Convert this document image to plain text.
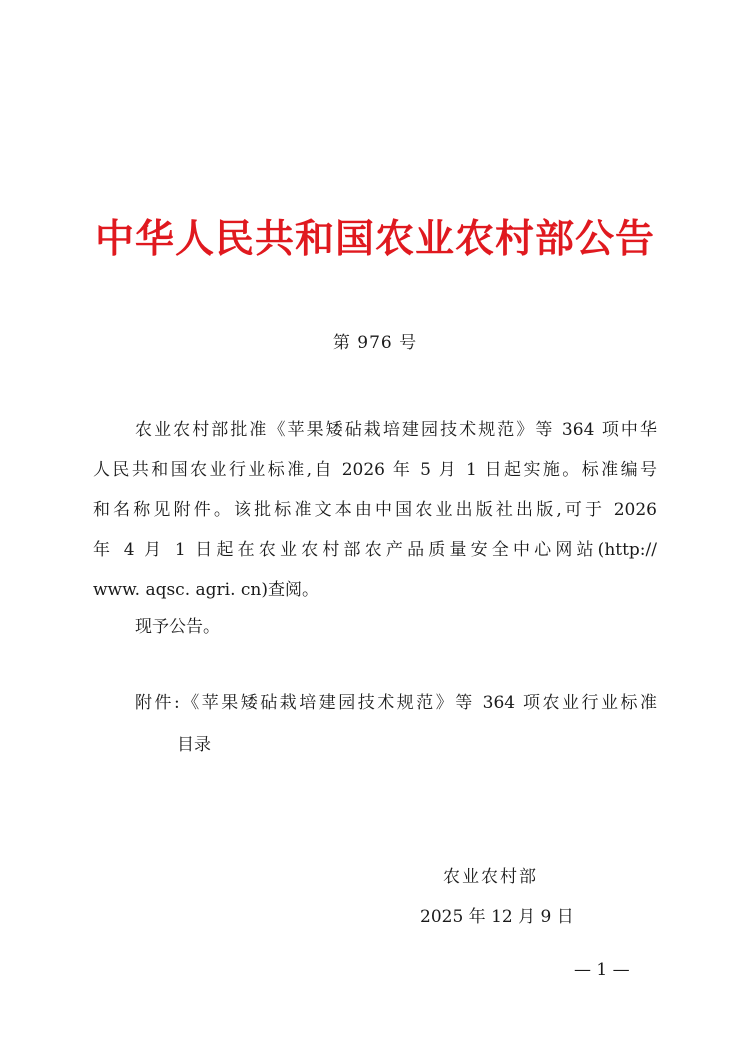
中华人民共和国农业农村部公告
第 976 号
农业农村部批准《苹果矮砧栽培建园技术规范》等 364 项中华
人民共和国农业行业标准,自 2026 年 5 月 1 日起实施。标准编号
和名称见附件。该批标准文本由中国农业出版社出版,可于 2026
年 4 月 1 日起在农业农村部农产品质量安全中心网站(http://
www. aqsc. agri. cn)查阅。
现予公告。
附件:《苹果矮砧栽培建园技术规范》等 364 项农业行业标准
目录
农业农村部
2025 年 12 月 9 日
— 1 —
